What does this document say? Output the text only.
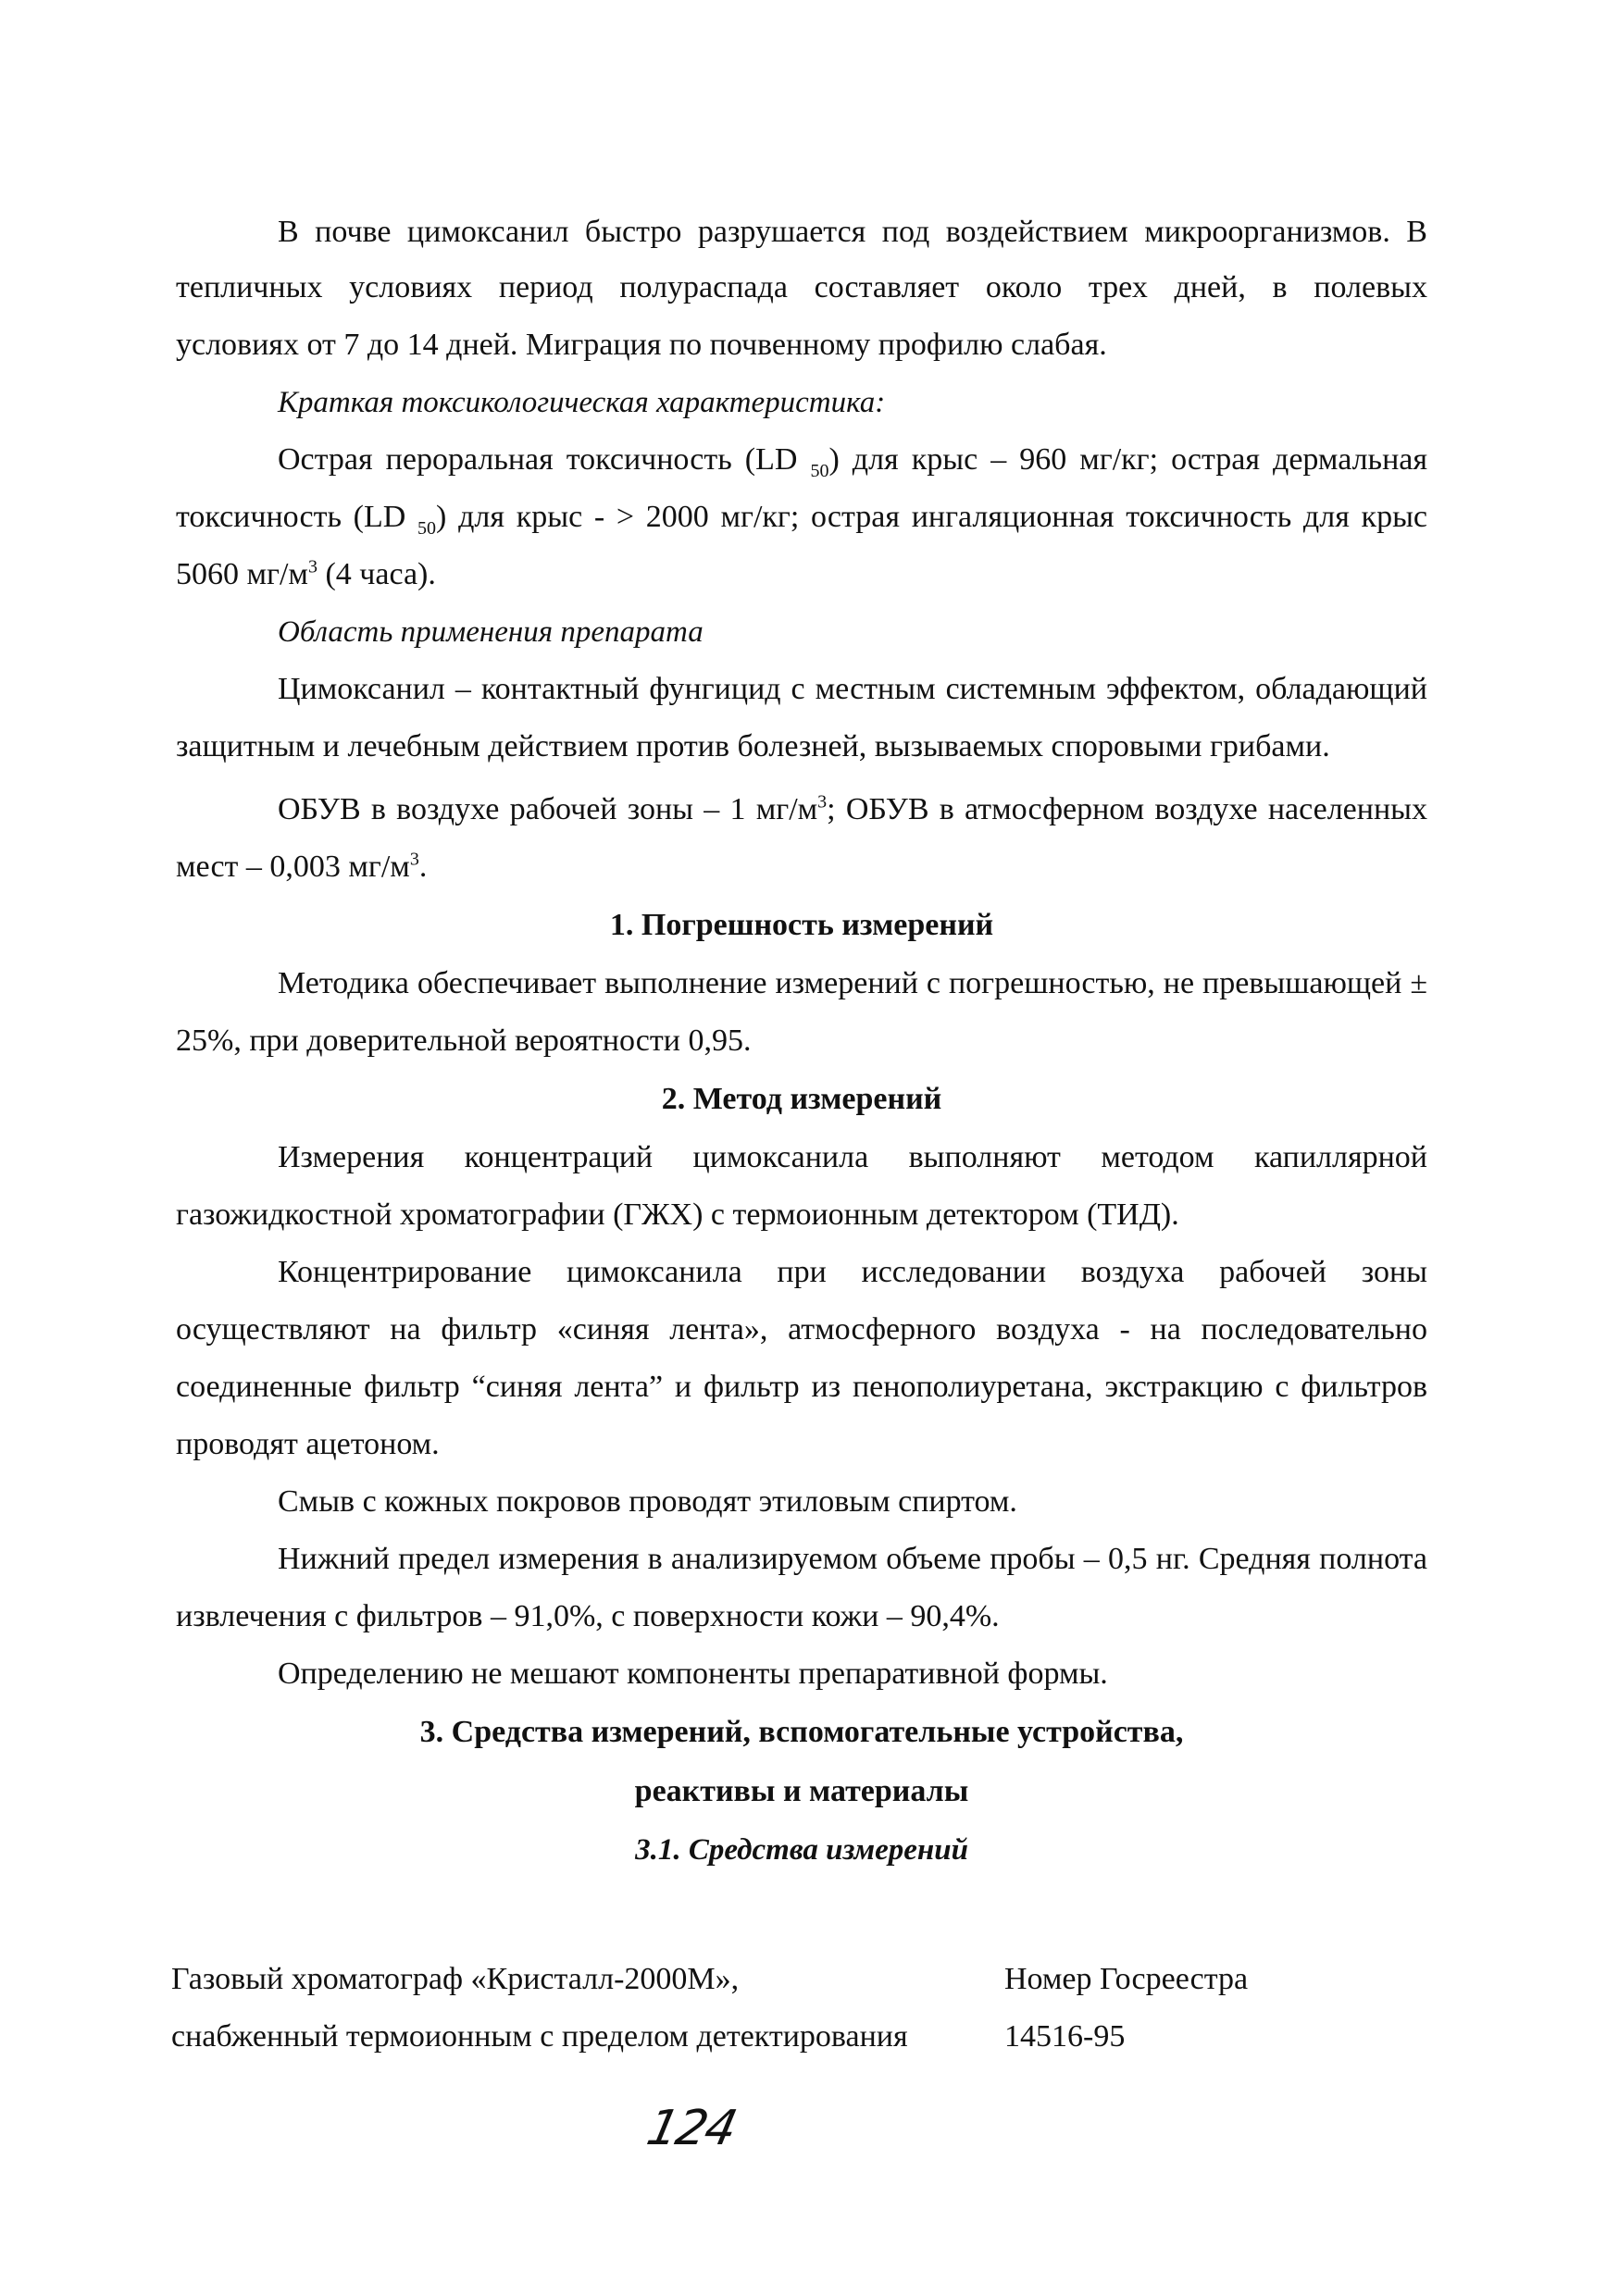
В почве цимоксанил быстро разрушается под воздействием микроорганизмов. В

тепличных условиях период полураспада составляет около трех дней, в полевых

условиях от 7 до 14 дней. Миграция по почвенному профилю слабая.

Краткая токсикологическая характеристика:

Острая пероральная токсичность (LD $_{50}$) для крыс – 960 мг/кг; острая дермальная токсичность (LD $_{50}$) для крыс - > 2000 мг/кг; острая ингаляционная токсичность для крыс 5060 $мг/м^3$ (4 часа).

Область применения препарата

Цимоксанил – контактный фунгицид с местным системным эффектом, обладающий защитным и лечебным действием против болезней, вызываемых споровыми грибами.

ОБУВ в воздухе рабочей зоны – 1 $мг/м^3$; ОБУВ в атмосферном воздухе населенных мест – 0,003 $мг/м^3$.

1. Погрешность измерений

Методика обеспечивает выполнение измерений с погрешностью, не превышающей ± 25%, при доверительной вероятности 0,95.

2. Метод измерений

Измерения концентраций цимоксанила выполняют методом капиллярной газожидкостной хроматографии (ГЖХ) с термоионным детектором (ТИД).

Концентрирование цимоксанила при исследовании воздуха рабочей зоны осуществляют на фильтр «синяя лента», атмосферного воздуха - на последовательно соединенные фильтр “синяя лента” и фильтр из пенополиуретана, экстракцию с фильтров проводят ацетоном.

Смыв с кожных покровов проводят этиловым спиртом.

Нижний предел измерения в анализируемом объеме пробы – 0,5 нг. Средняя полнота извлечения с фильтров – 91,0%, с поверхности кожи – 90,4%.

Определению не мешают компоненты препаративной формы.

3. Средства измерений, вспомогательные устройства,

реактивы и материалы

3.1. Средства измерений

Газовый хроматограф «Кристалл-2000М»,	Номер Госреестра
снабженный термоионным с пределом детектирования	14516-95
124
